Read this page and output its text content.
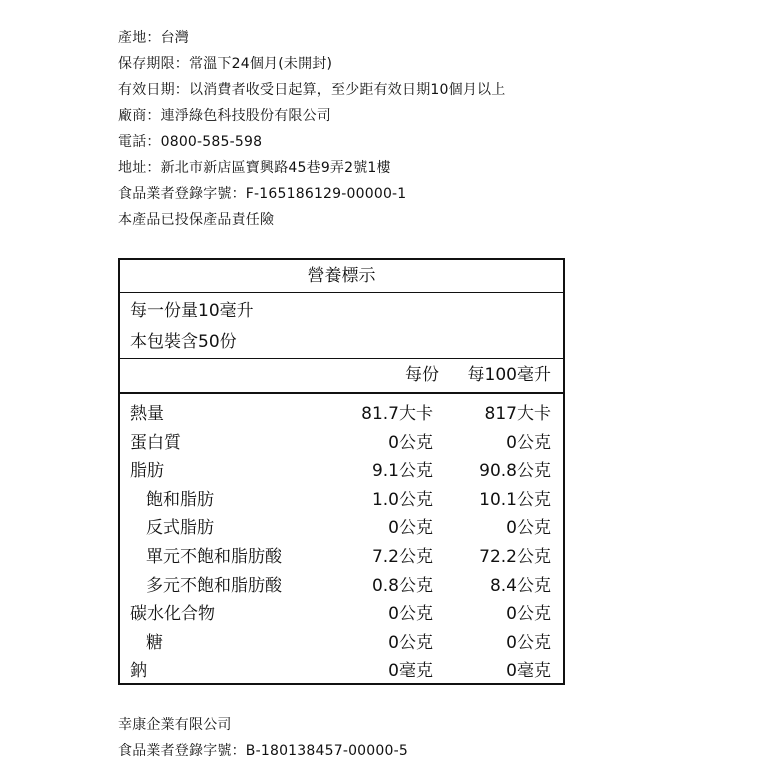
產地：台灣
保存期限：常溫下24個月(未開封)
有效日期：以消費者收受日起算，至少距有效日期10個月以上
廠商：連淨綠色科技股份有限公司
電話：0800-585-598
地址：新北市新店區寶興路45巷9弄2號1樓
食品業者登錄字號：F-165186129-00000-1
本產品已投保產品責任險
營養標示
每一份量10毫升
本包裝含50份
每份 每100毫升
熱量	81.7大卡	817大卡
蛋白質	0公克	0公克
脂肪	9.1公克	90.8公克
飽和脂肪	1.0公克	10.1公克
反式脂肪	0公克	0公克
單元不飽和脂肪酸	7.2公克	72.2公克
多元不飽和脂肪酸	0.8公克	8.4公克
碳水化合物	0公克	0公克
糖	0公克	0公克
鈉	0毫克	0毫克
幸康企業有限公司
食品業者登錄字號：B-180138457-00000-5
